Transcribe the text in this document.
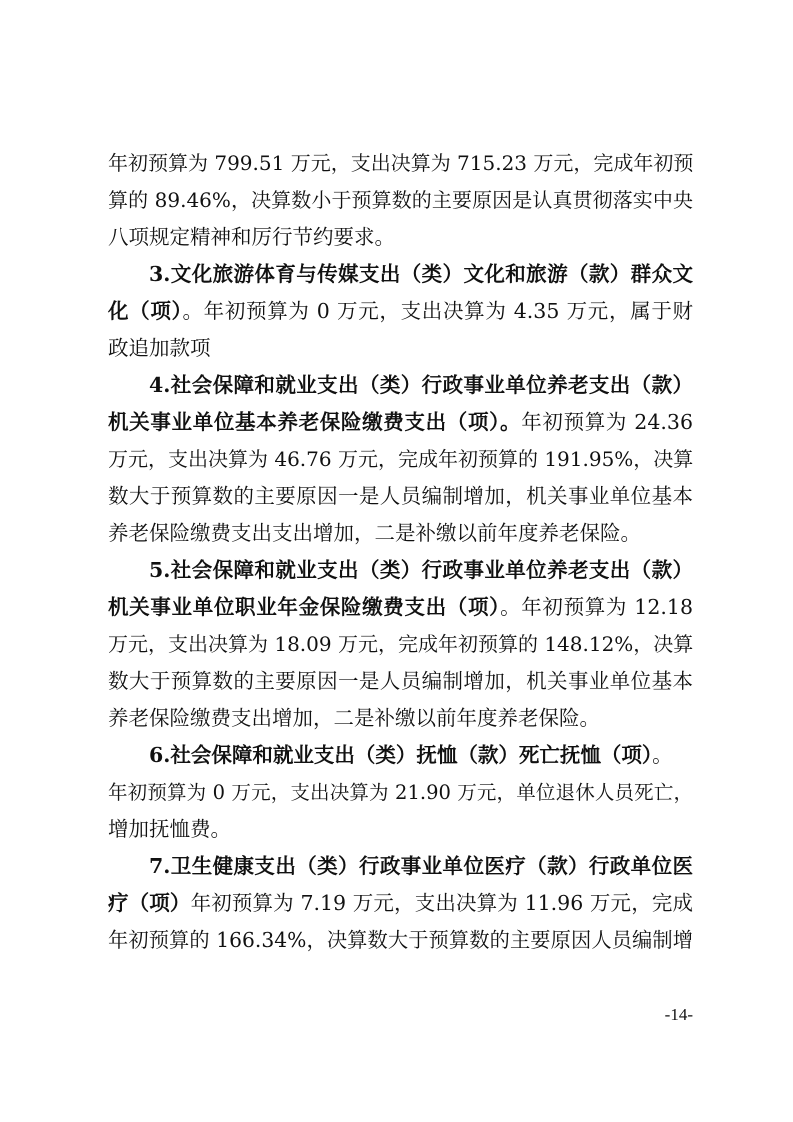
年初预算为 799.51 万元，支出决算为 715.23 万元，完成年初预
算的 89.46%，决算数小于预算数的主要原因是认真贯彻落实中央
八项规定精神和厉行节约要求。
3.文化旅游体育与传媒支出（类）文化和旅游（款）群众文
化（项）。年初预算为 0 万元，支出决算为 4.35 万元，属于财
政追加款项
4.社会保障和就业支出（类）行政事业单位养老支出（款）
机关事业单位基本养老保险缴费支出（项）。年初预算为 24.36
万元，支出决算为 46.76 万元，完成年初预算的 191.95%，决算
数大于预算数的主要原因一是人员编制增加，机关事业单位基本
养老保险缴费支出支出增加，二是补缴以前年度养老保险。
5.社会保障和就业支出（类）行政事业单位养老支出（款）
机关事业单位职业年金保险缴费支出（项）。年初预算为 12.18
万元，支出决算为 18.09 万元，完成年初预算的 148.12%，决算
数大于预算数的主要原因一是人员编制增加，机关事业单位基本
养老保险缴费支出增加，二是补缴以前年度养老保险。
6.社会保障和就业支出（类）抚恤（款）死亡抚恤（项）。
年初预算为 0 万元，支出决算为 21.90 万元，单位退休人员死亡，
增加抚恤费。
7.卫生健康支出（类）行政事业单位医疗（款）行政单位医
疗（项）年初预算为 7.19 万元，支出决算为 11.96 万元，完成
年初预算的 166.34%，决算数大于预算数的主要原因人员编制增
-14-
